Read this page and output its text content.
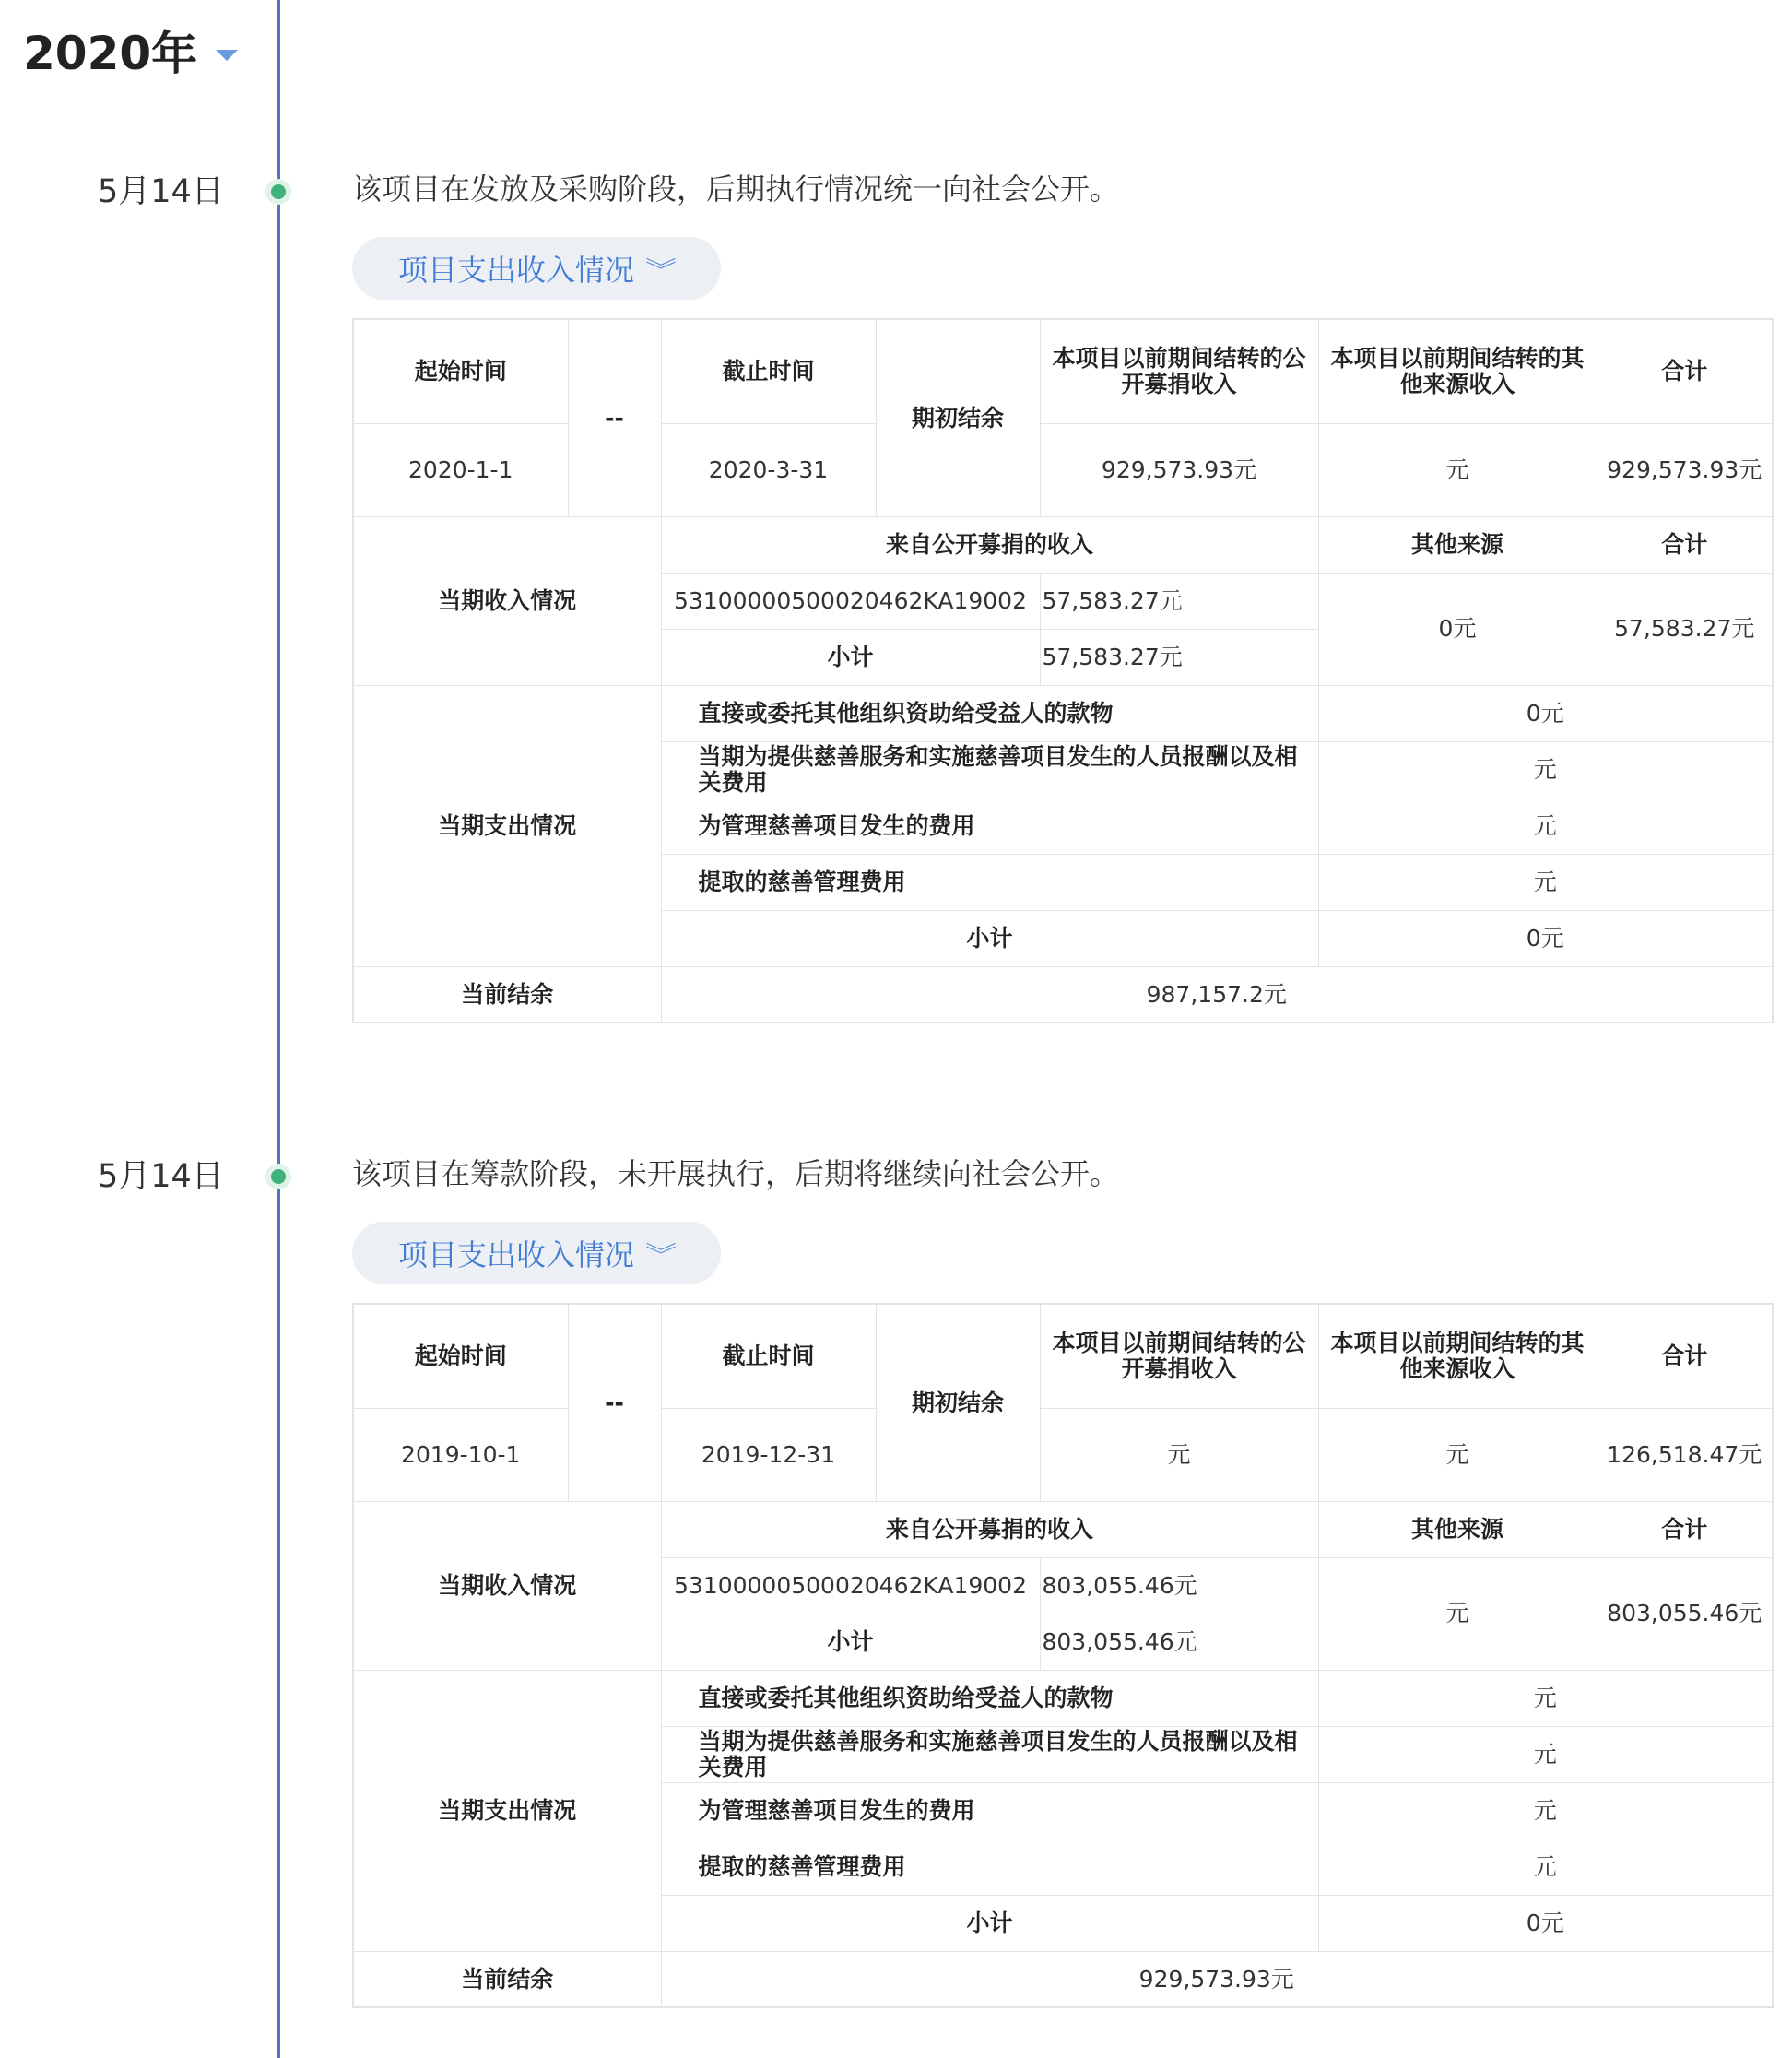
2020年
5月14日	该项目在发放及采购阶段，后期执行情况统一向社会公开。
项目支出收入情况 ︾
起始时间	--	截止时间	期初结余	本项目以前期间结转的公开募捐收入	本项目以前期间结转的其他来源收入	合计
2020-1-1		2020-3-31		929,573.93元	元	929,573.93元
当期收入情况		来自公开募捐的收入			其他来源	合计
		53100000500020462KA19002		57,583.27元	0元	57,583.27元
		小计		57,583.27元		
当期支出情况		直接或委托其他组织资助给受益人的款物			0元	
		当期为提供慈善服务和实施慈善项目发生的人员报酬以及相关费用			元	
		为管理慈善项目发生的费用			元	
		提取的慈善管理费用			元	
		小计			0元	
当前结余		987,157.2元				
5月14日	该项目在筹款阶段，未开展执行，后期将继续向社会公开。
项目支出收入情况 ︾
起始时间	--	截止时间	期初结余	本项目以前期间结转的公开募捐收入	本项目以前期间结转的其他来源收入	合计
2019-10-1		2019-12-31		元	元	126,518.47元
当期收入情况		来自公开募捐的收入			其他来源	合计
		53100000500020462KA19002		803,055.46元	元	803,055.46元
		小计		803,055.46元		
当期支出情况		直接或委托其他组织资助给受益人的款物			元	
		当期为提供慈善服务和实施慈善项目发生的人员报酬以及相关费用			元	
		为管理慈善项目发生的费用			元	
		提取的慈善管理费用			元	
		小计			0元	
当前结余		929,573.93元				
